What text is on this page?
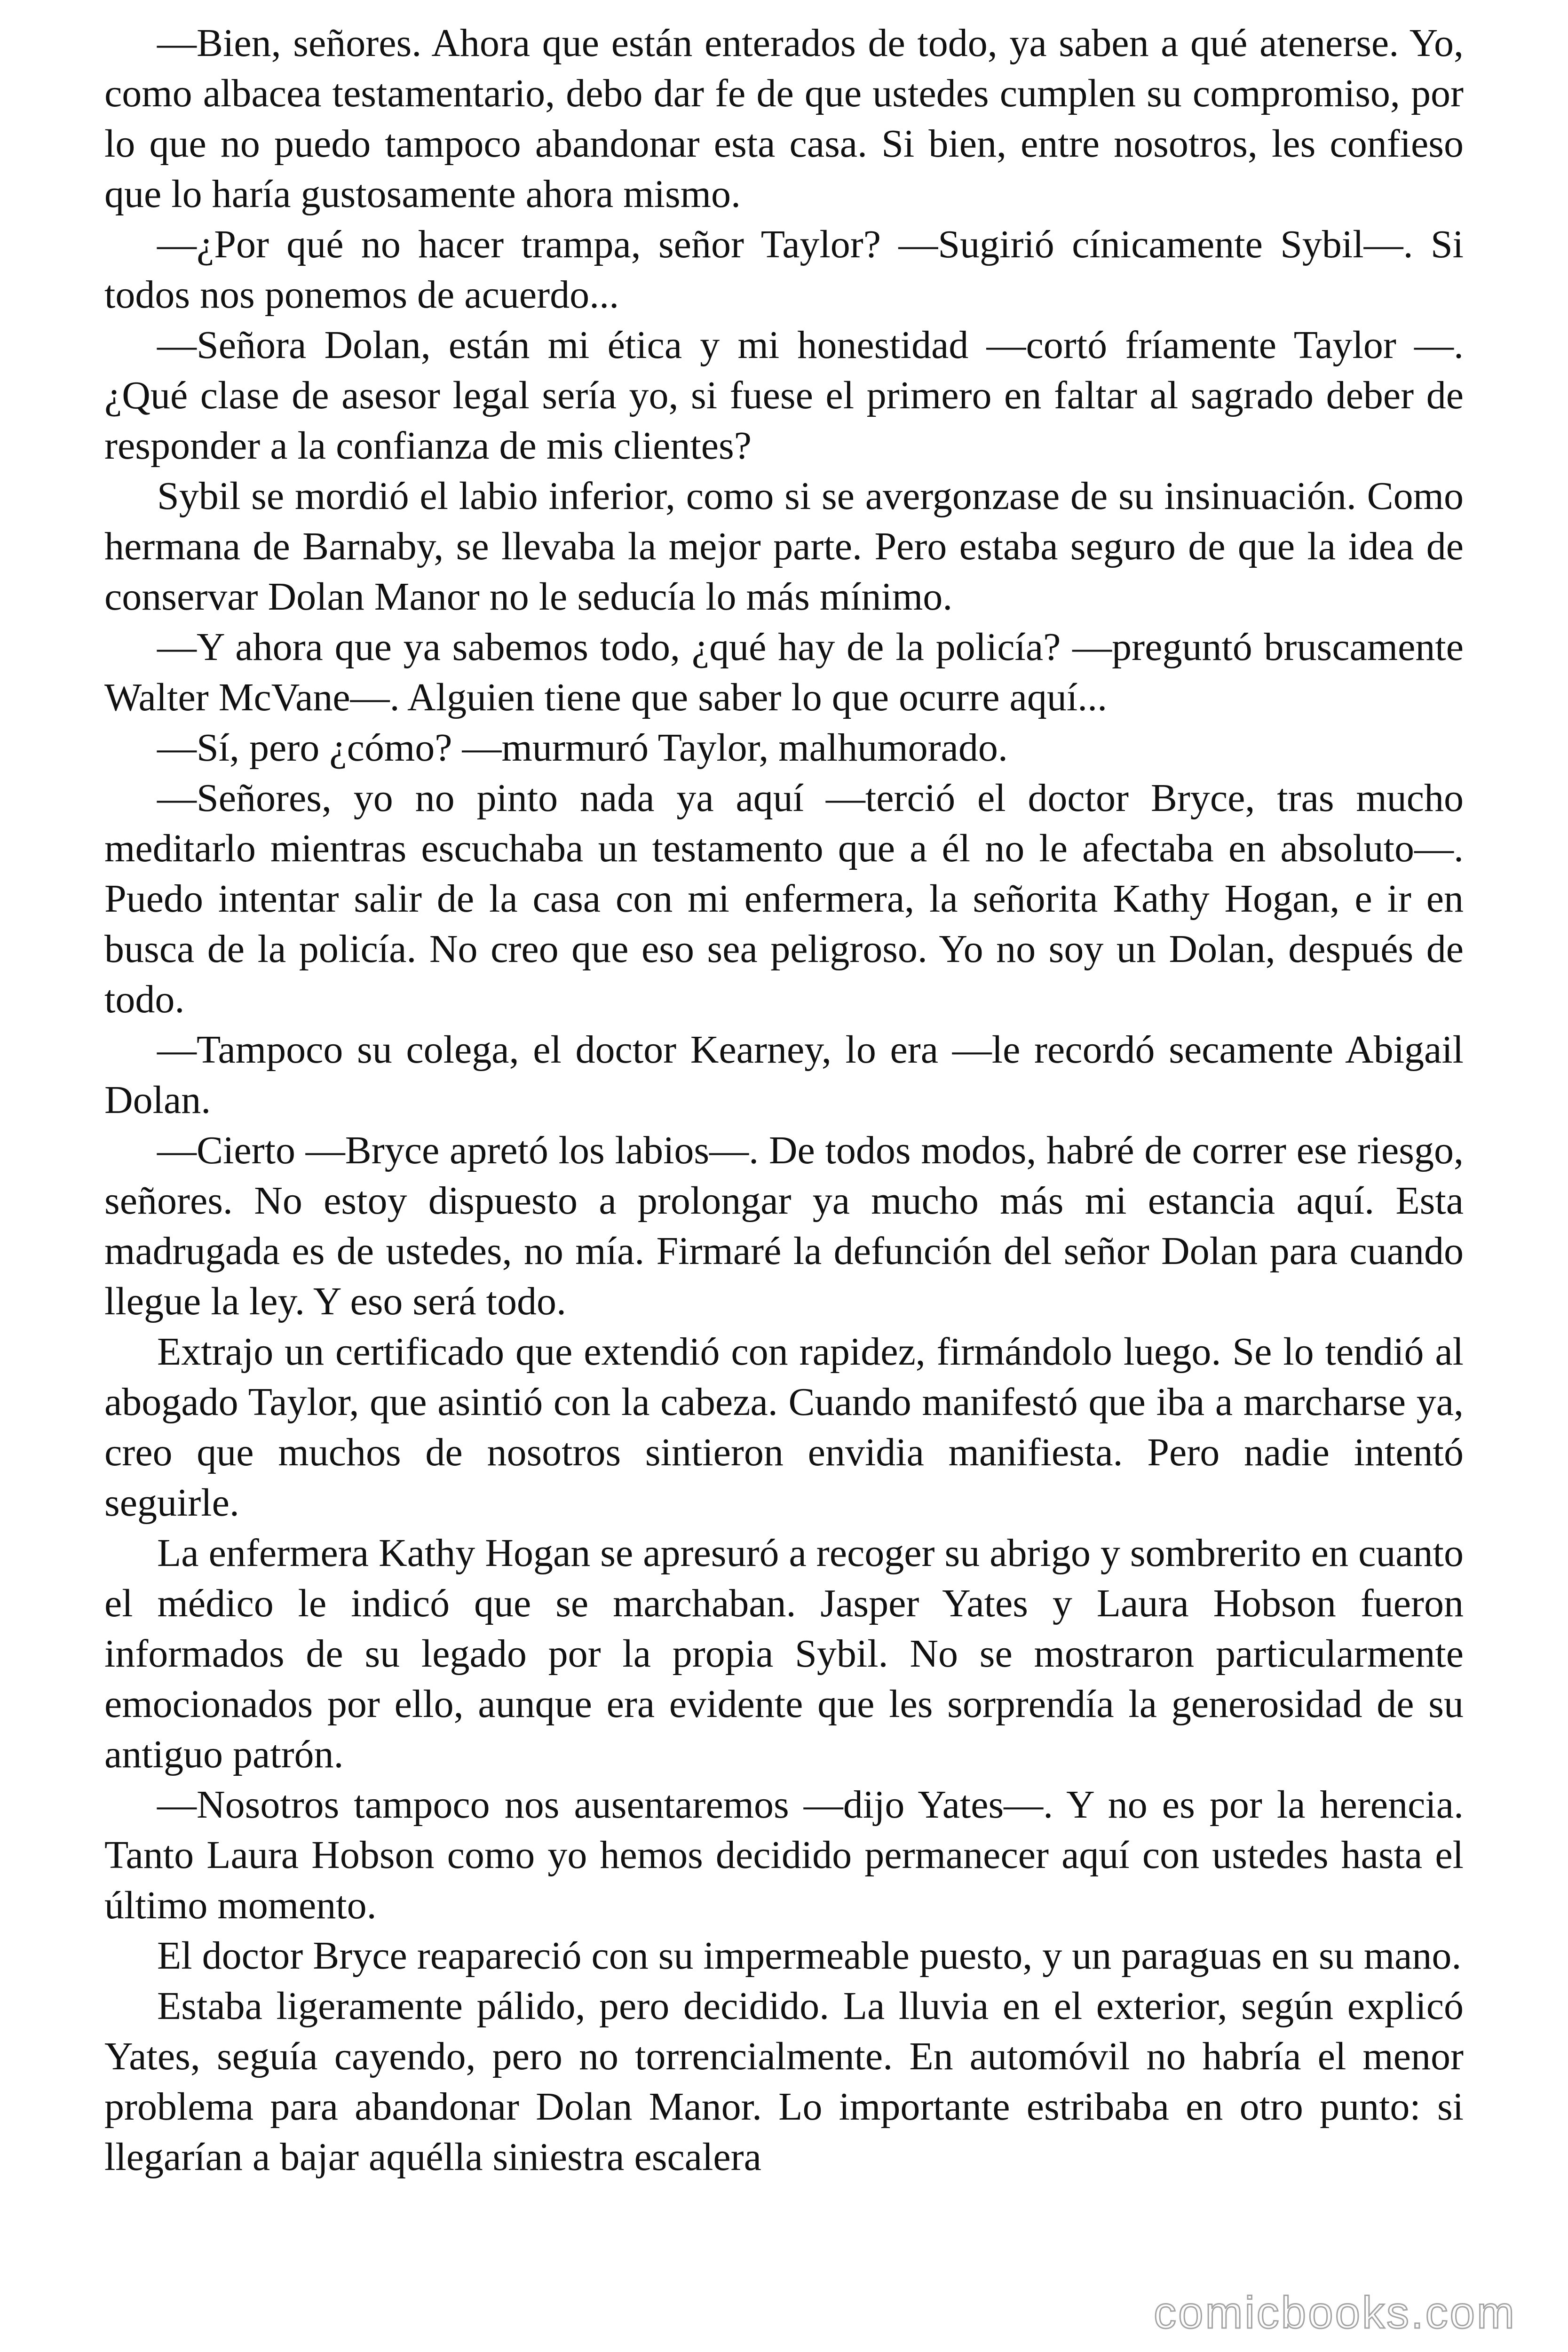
—Bien, señores. Ahora que están enterados de todo, ya saben a qué atenerse. Yo, como albacea testamentario, debo dar fe de que ustedes cumplen su compromiso, por lo que no puedo tampoco abandonar esta casa. Si bien, entre nosotros, les confieso que lo haría gustosamente ahora mismo.

—¿Por qué no hacer trampa, señor Taylor? —Sugirió cínicamente Sybil—. Si todos nos ponemos de acuerdo...

—Señora Dolan, están mi ética y mi honestidad —cortó fríamente Taylor —. ¿Qué clase de asesor legal sería yo, si fuese el primero en faltar al sagrado deber de responder a la confianza de mis clientes?

Sybil se mordió el labio inferior, como si se avergonzase de su insinuación. Como hermana de Barnaby, se llevaba la mejor parte. Pero estaba seguro de que la idea de conservar Dolan Manor no le seducía lo más mínimo.

—Y ahora que ya sabemos todo, ¿qué hay de la policía? —preguntó bruscamente Walter McVane—. Alguien tiene que saber lo que ocurre aquí...

—Sí, pero ¿cómo? —murmuró Taylor, malhumorado.

—Señores, yo no pinto nada ya aquí —terció el doctor Bryce, tras mucho meditarlo mientras escuchaba un testamento que a él no le afectaba en absoluto—. Puedo intentar salir de la casa con mi enfermera, la señorita Kathy Hogan, e ir en busca de la policía. No creo que eso sea peligroso. Yo no soy un Dolan, después de todo.

—Tampoco su colega, el doctor Kearney, lo era —le recordó secamente Abigail Dolan.

—Cierto —Bryce apretó los labios—. De todos modos, habré de correr ese riesgo, señores. No estoy dispuesto a prolongar ya mucho más mi estancia aquí. Esta madrugada es de ustedes, no mía. Firmaré la defunción del señor Dolan para cuando llegue la ley. Y eso será todo.

Extrajo un certificado que extendió con rapidez, firmándolo luego. Se lo tendió al abogado Taylor, que asintió con la cabeza. Cuando manifestó que iba a marcharse ya, creo que muchos de nosotros sintieron envidia manifiesta. Pero nadie intentó seguirle.

La enfermera Kathy Hogan se apresuró a recoger su abrigo y sombrerito en cuanto el médico le indicó que se marchaban. Jasper Yates y Laura Hobson fueron informados de su legado por la propia Sybil. No se mostraron particularmente emocionados por ello, aunque era evidente que les sorprendía la generosidad de su antiguo patrón.

—Nosotros tampoco nos ausentaremos —dijo Yates—. Y no es por la herencia. Tanto Laura Hobson como yo hemos decidido permanecer aquí con ustedes hasta el último momento.

El doctor Bryce reapareció con su impermeable puesto, y un paraguas en su mano.

Estaba ligeramente pálido, pero decidido. La lluvia en el exterior, según explicó Yates, seguía cayendo, pero no torrencialmente. En automóvil no habría el menor problema para abandonar Dolan Manor. Lo importante estribaba en otro punto: si llegarían a bajar aquélla siniestra escalera

comicbooks.com
